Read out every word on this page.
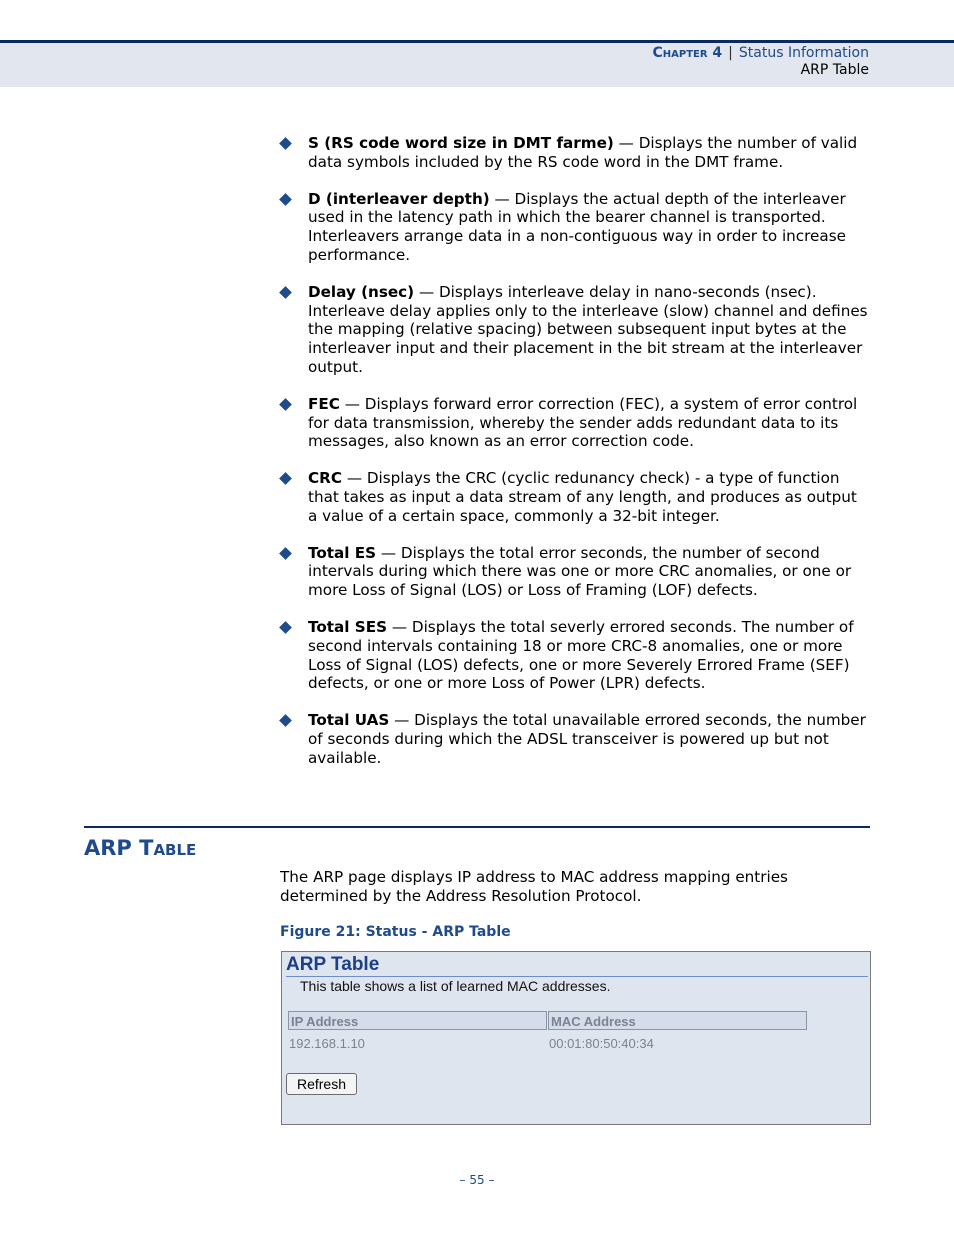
Chapter 4 | Status Information
ARP Table
S (RS code word size in DMT farme) — Displays the number of valid data symbols included by the RS code word in the DMT frame.
D (interleaver depth) — Displays the actual depth of the interleaver used in the latency path in which the bearer channel is transported. Interleavers arrange data in a non-contiguous way in order to increase performance.
Delay (nsec) — Displays interleave delay in nano-seconds (nsec). Interleave delay applies only to the interleave (slow) channel and defines the mapping (relative spacing) between subsequent input bytes at the interleaver input and their placement in the bit stream at the interleaver output.
FEC — Displays forward error correction (FEC), a system of error control for data transmission, whereby the sender adds redundant data to its messages, also known as an error correction code.
CRC — Displays the CRC (cyclic redunancy check) - a type of function that takes as input a data stream of any length, and produces as output a value of a certain space, commonly a 32-bit integer.
Total ES — Displays the total error seconds, the number of second intervals during which there was one or more CRC anomalies, or one or more Loss of Signal (LOS) or Loss of Framing (LOF) defects.
Total SES — Displays the total severly errored seconds. The number of second intervals containing 18 or more CRC-8 anomalies, one or more Loss of Signal (LOS) defects, one or more Severely Errored Frame (SEF) defects, or one or more Loss of Power (LPR) defects.
Total UAS — Displays the total unavailable errored seconds, the number of seconds during which the ADSL transceiver is powered up but not available.
ARP Table
The ARP page displays IP address to MAC address mapping entries determined by the Address Resolution Protocol.
Figure 21: Status - ARP Table
ARP Table
This table shows a list of learned MAC addresses.
IP Address	MAC Address
192.168.1.10	00:01:80:50:40:34
Refresh
– 55 –
